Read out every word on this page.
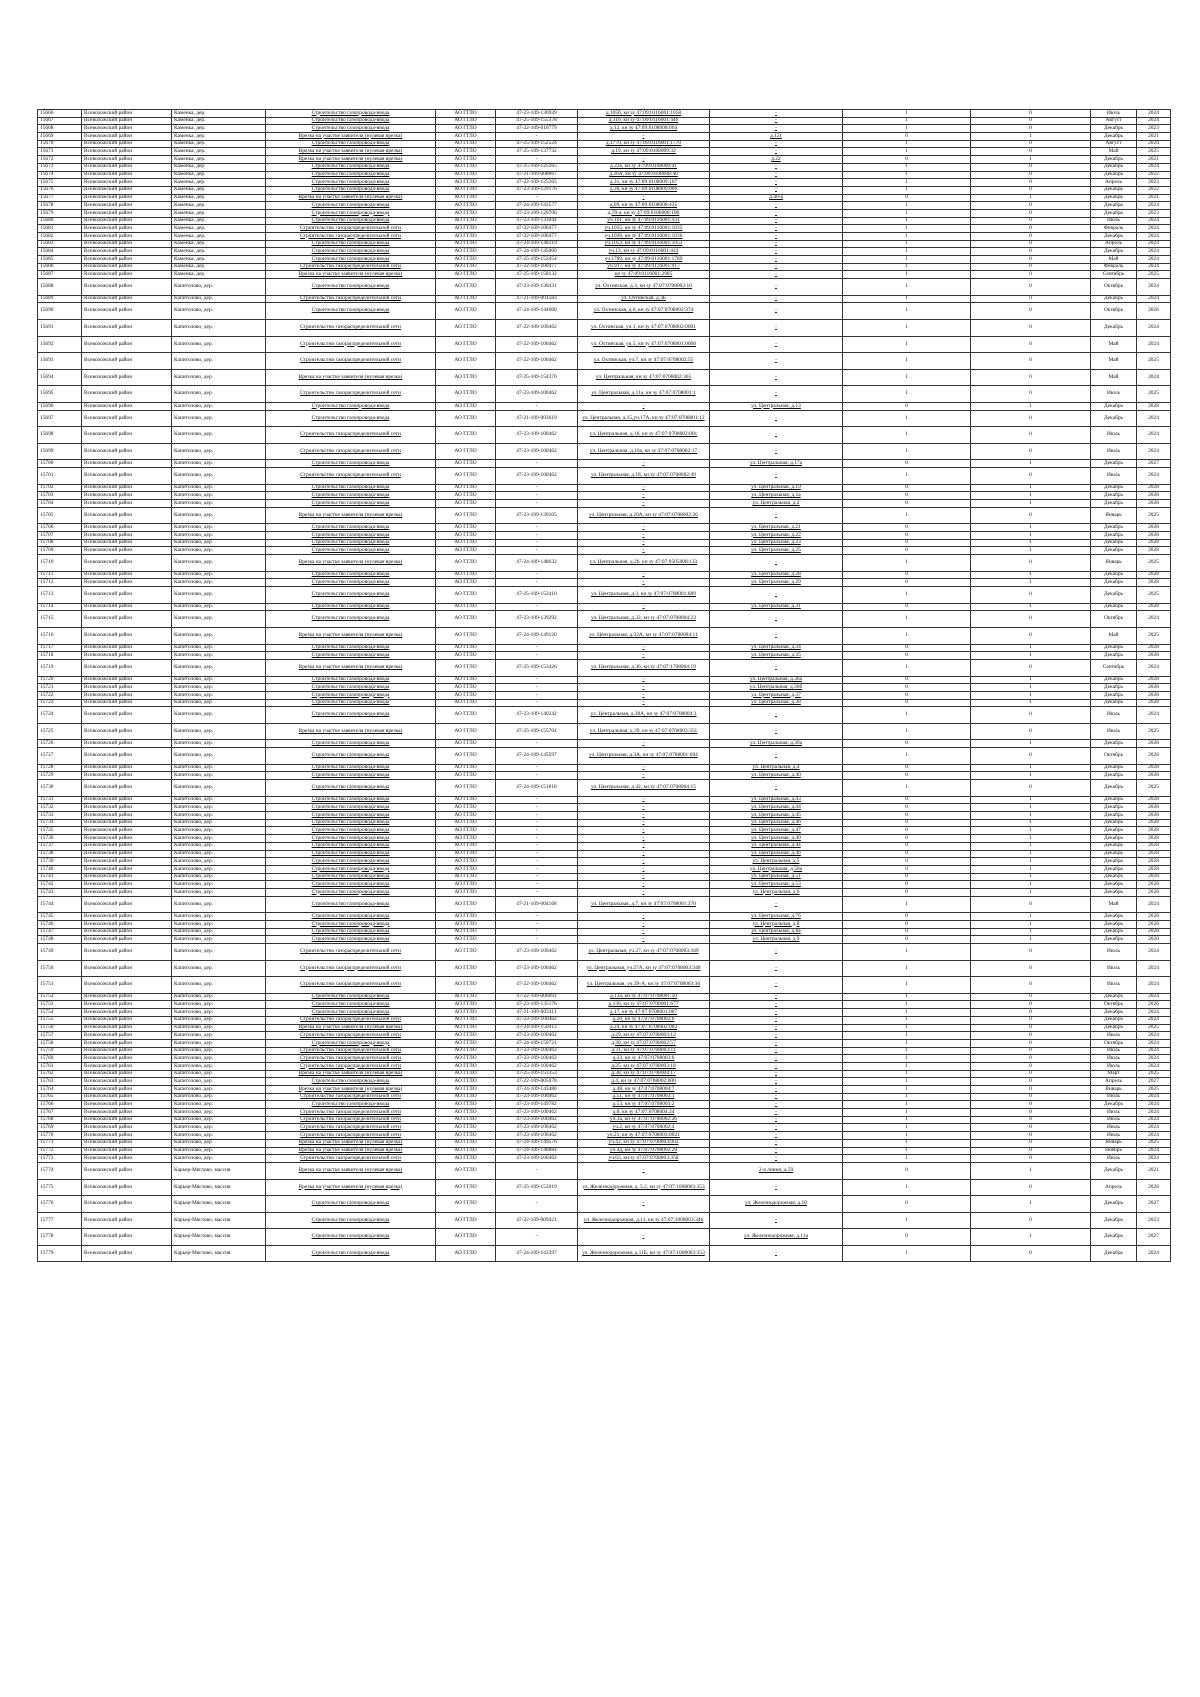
15666	Всеволожский район	Каменка, дер.	Строительство газопровода-ввода	АО ГГЛО	47-23-109-136939	д.105б, кн зу 47:09:0116001:1058	-	1	0	Июль	2024
15667	Всеволожский район	Каменка, дер.	Строительство газопровода-ввода	АО ГГЛО	47-25-109-155378	д.116, кн зу 47:09:0116001:446	-	1	0	Август	2024
15668	Всеволожский район	Каменка, дер.	Строительство газопровода-ввода	АО ГГЛО	47-22-109-010779	д.12, кн зу 47:09:0108008:004	-	1	0	Декабрь	2023
15669	Всеволожский район	Каменка, дер.	Врезка на участке заявителя (нулевая врезка)	АО ГГЛО	-	-	д.12г	0	1	Декабрь	2021
15670	Всеволожский район	Каменка, дер.	Строительство газопровода-ввода	АО ГГЛО	47-25-109-152524	д.1770, кн зу 47:09:0116001:1770	-	1	0	Август	2024
15671	Всеволожский район	Каменка, дер.	Врезка на участке заявителя (нулевая врезка)	АО ГГЛО	47-25-109-137732	д.19, кн зу 47:09:0108009:32	-	1	0	Май	2025
15672	Всеволожский район	Каменка, дер.	Врезка на участке заявителя (нулевая врезка)	АО ГГЛО	-	-	д.22	0	1	Декабрь	2021
15673	Всеволожский район	Каменка, дер.	Строительство газопровода-ввода	АО ГГЛО	47-25-109-125165	д.23а, кн зу 47:09:0108009:41	-	1	0	Декабрь	2024
15674	Всеволожский район	Каменка, дер.	Строительство газопровода-ввода	АО ГГЛО	47-21-109-008667	д.26А, кн зу 47:09:0108008:40	-	1	0	Декабрь	2022
15675	Всеволожский район	Каменка, дер.	Строительство газопровода-ввода	АО ГГЛО	47-22-109-125365	д.31, кн зу 47:09:0108009:107	-	1	0	Апрель	2023
15676	Всеволожский район	Каменка, дер.	Строительство газопровода-ввода	АО ГГЛО	47-23-109-129176	д.36, кн зу 47:09:0108009:006	-	1	0	Декабрь	2022
15677	Всеволожский район	Каменка, дер.	Врезка на участке заявителя (нулевая врезка)	АО ГГЛО	-	-	д.40-а	0	1	Декабрь	2021
15678	Всеволожский район	Каменка, дер.	Строительство газопровода-ввода	АО ГГЛО	47-24-109-143577	д.69, кн зу 47:09:0108008:435	-	1	0	Декабрь	2024
15679	Всеволожский район	Каменка, дер.	Строительство газопровода-ввода	АО ГГЛО	47-23-109-120706	д.70-а, кн зу 47:09:0108008:108	-	1	0	Декабрь	2023
15680	Всеволожский район	Каменка, дер.	Строительство газопровода-ввода	АО ГГЛО	47-23-109-133944	уч.101, кн зу 47:09:0116001:431	-	1	0	Июль	2024
15681	Всеволожский район	Каменка, дер.	Строительство газораспределительной сети	АО ГГЛО	47-22-109-100477	уч.1035, кн зу 47:09:0116001:1035	-	1	0	Февраль	2024
15682	Всеволожский район	Каменка, дер.	Строительство газораспределительной сети	АО ГГЛО	47-22-109-100477	уч.1036, кн зу 47:09:0116001:1036	-	1	0	Декабрь	2024
15683	Всеволожский район	Каменка, дер.	Строительство газопровода-ввода	АО ГГЛО	47-24-109-148319	уч.1053, кн зу 47:09:0116001:1053	-	1	0	Апрель	2024
15684	Всеволожский район	Каменка, дер.	Строительство газопровода-ввода	АО ГГЛО	47-24-109-145000	уч.13, кн зу 47:09:0116001:443	-	1	0	Декабрь	2024
15685	Всеволожский район	Каменка, дер.	Строительство газопровода-ввода	АО ГГЛО	47-25-109-152454	уч.1789, кн зу 47:09:0116001:1789	-	1	0	Май	2024
15686	Всеволожский район	Каменка, дер.	Строительство газораспределительной сети	АО ГГЛО	47-22-109-100477	уч.917, кн зу 47:09:0116001:917	-	1	0	Февраль	2024
15687	Всеволожский район	Каменка, дер.	Врезка на участке заявителя (нулевая врезка)	АО ГГЛО	47-25-109-158132	кн зу 47:09:0116001:2985	-	1	0	Сентябрь	2025
15688	Всеволожский район	Капитолово, дер.	Строительство газопровода-ввода	АО ГГЛО	47-23-109-130431	ул. Охтинская, д.3, кн зу 47:07:0708002:10	-	1	0	Октябрь	2024
15689	Всеволожский район	Капитолово, дер.	Строительство газораспределительной сети	АО ГГЛО	47-21-109-001583	ул. Охтинская, д.3Б	-	1	0	Декабрь	2024
15690	Всеволожский район	Капитолово, дер.	Строительство газопровода-ввода	АО ГГЛО	47-24-109-144000	ул. Охтинская, д.6, кн зу 47:07:0708002:374	-	1	0	Октябрь	2026
15691	Всеволожский район	Капитолово, дер.	Строительство газораспределительной сети	АО ГГЛО	47-22-109-100462	ул. Охтинская, уч.1, кн зу 47:07:0708002:0001	-	1	0	Декабрь	2024
15692	Всеволожский район	Капитолово, дер.	Строительство газораспределительной сети	АО ГГЛО	47-22-109-100462	ул. Охтинская, уч.5, кн зу 47:07:0708001:0008	-	1	0	Май	2024
15693	Всеволожский район	Капитолово, дер.	Строительство газораспределительной сети	АО ГГЛО	47-22-109-100462	ул. Охтинская, уч.7, кн зу 47:07:0708002:55	-	1	0	Май	2025
15694	Всеволожский район	Капитолово, дер.	Врезка на участке заявителя (нулевая врезка)	АО ГГЛО	47-25-109-154370	ул. Центральная, кн зу 47:07:0708002:365	-	1	0	Май	2024
15695	Всеволожский район	Капитолово, дер.	Строительство газораспределительной сети	АО ГГЛО	47-23-109-100462	ул. Центральная, д.11а, кн зу 47:07:0708001:1	-	1	0	Июль	2025
15696	Всеволожский район	Капитолово, дер.	Строительство газопровода-ввода	АО ГГЛО	-	-	ул. Центральная, д.13	0	1	Декабрь	2028
15697	Всеволожский район	Капитолово, дер.	Строительство газопровода-ввода	АО ГГЛО	47-21-109-003619	ул. Центральная, д.15,уч.17А, кн зу 47:07:0708001:12	-	1	0	Декабрь	2024
15698	Всеволожский район	Капитолово, дер.	Строительство газораспределительной сети	АО ГГЛО	47-23-109-100462	ул. Центральная, д.16, кн зу 47:07:0708002:001	-	1	0	Июль	2024
15699	Всеволожский район	Капитолово, дер.	Строительство газораспределительной сети	АО ГГЛО	47-23-109-100462	ул. Центральная, д.16а, кн зу 47:07:0708002:17	-	1	0	Июль	2024
15700	Всеволожский район	Капитолово, дер.	Строительство газопровода-ввода	АО ГГЛО	-	-	ул. Центральная, д.17а	0	1	Декабрь	2027
15701	Всеволожский район	Капитолово, дер.	Строительство газораспределительной сети	АО ГГЛО	47-23-109-100462	ул. Центральная, д.18, кн зу 47:07:0708002:49	-	1	0	Июль	2024
15702	Всеволожский район	Капитолово, дер.	Строительство газопровода-ввода	АО ГГЛО	-	-	ул. Центральная, д.19	0	1	Декабрь	2028
15703	Всеволожский район	Капитолово, дер.	Строительство газопровода-ввода	АО ГГЛО	-	-	ул. Центральная, д.1а	0	1	Декабрь	2028
15704	Всеволожский район	Капитолово, дер.	Строительство газопровода-ввода	АО ГГЛО	-	-	ул. Центральная, д.2	0	1	Декабрь	2028
15705	Всеволожский район	Капитолово, дер.	Врезка на участке заявителя (нулевая врезка)	АО ГГЛО	47-23-109-139105	ул. Центральная, д.20А, кн зу 47:07:0708002:26	-	1	0	Январь	2025
15706	Всеволожский район	Капитолово, дер.	Строительство газопровода-ввода	АО ГГЛО	-	-	ул. Центральная, д.21	0	1	Декабрь	2028
15707	Всеволожский район	Капитолово, дер.	Строительство газопровода-ввода	АО ГГЛО	-	-	ул. Центральная, д.22	0	1	Декабрь	2028
15708	Всеволожский район	Капитолово, дер.	Строительство газопровода-ввода	АО ГГЛО	-	-	ул. Центральная, д.23	0	1	Декабрь	2028
15709	Всеволожский район	Капитолово, дер.	Строительство газопровода-ввода	АО ГГЛО	-	-	ул. Центральная, д.25	0	1	Декабрь	2028
15710	Всеволожский район	Капитолово, дер.	Врезка на участке заявителя (нулевая врезка)	АО ГГЛО	47-24-109-148632	ул. Центральная, д.26, кн зу 47:07:0505008:133	-	1	0	Январь	2025
15711	Всеволожский район	Капитолово, дер.	Строительство газопровода-ввода	АО ГГЛО	-	-	ул. Центральная, д.28	0	1	Декабрь	2028
15712	Всеволожский район	Капитолово, дер.	Строительство газопровода-ввода	АО ГГЛО	-	-	ул. Центральная, д.29	0	1	Декабрь	2028
15713	Всеволожский район	Капитолово, дер.	Строительство газопровода-ввода	АО ГГЛО	47-25-109-152410	ул. Центральная, д.3, кн зу 47:07:0708001:689	-	1	0	Декабрь	2025
15714	Всеволожский район	Капитолово, дер.	Строительство газопровода-ввода	АО ГГЛО	-	-	ул. Центральная, д.31	0	1	Декабрь	2028
15715	Всеволожский район	Капитолово, дер.	Строительство газопровода-ввода	АО ГГЛО	47-23-109-139292	ул. Центральная, д.32, кн зу 47:07:0708004:23	-	1	0	Октябрь	2024
15716	Всеволожский район	Капитолово, дер.	Врезка на участке заявителя (нулевая врезка)	АО ГГЛО	47-24-109-149120	ул. Центральная, д.32А, кн зу 47:07:0708004:11	-	1	0	Май	2025
15717	Всеволожский район	Капитолово, дер.	Строительство газопровода-ввода	АО ГГЛО	-	-	ул. Центральная, д.34	0	1	Декабрь	2028
15718	Всеволожский район	Капитолово, дер.	Строительство газопровода-ввода	АО ГГЛО	-	-	ул. Центральная, д.35	0	1	Декабрь	2028
15719	Всеволожский район	Капитолово, дер.	Врезка на участке заявителя (нулевая врезка)	АО ГГЛО	47-25-109-153426	ул. Центральная, д.36, кн зу 47:07:1708004:19	-	1	0	Сентябрь	2024
15720	Всеволожский район	Капитолово, дер.	Строительство газопровода-ввода	АО ГГЛО	-	-	ул. Центральная, д.36а	0	1	Декабрь	2028
15721	Всеволожский район	Капитолово, дер.	Строительство газопровода-ввода	АО ГГЛО	-	-	ул. Центральная, д.36б	0	1	Декабрь	2028
15722	Всеволожский район	Капитолово, дер.	Строительство газопровода-ввода	АО ГГЛО	-	-	ул. Центральная, д.37	0	1	Декабрь	2028
15723	Всеволожский район	Капитолово, дер.	Строительство газопровода-ввода	АО ГГЛО	-	-	ул. Центральная, д.38	0	1	Декабрь	2028
15724	Всеволожский район	Капитолово, дер.	Строительство газопровода-ввода	АО ГГЛО	47-23-109-140242	ул. Центральная, д.38А, кн зу 47:07:0708004:3	-	1	0	Июль	2024
15725	Всеволожский район	Капитолово, дер.	Врезка на участке заявителя (нулевая врезка)	АО ГГЛО	47-25-109-155704	ул. Центральная, д.39, кн зу 47:07:0708003:351	-	1	0	Июль	2025
15726	Всеволожский район	Капитолово, дер.	Строительство газопровода-ввода	АО ГГЛО	-	-	ул. Центральная, д.39а	0	1	Декабрь	2028
15727	Всеволожский район	Капитолово, дер.	Строительство газопровода-ввода	АО ГГЛО	47-24-109-145597	ул. Центральная, д.3А, кн зу 47:07:0708001:694	-	1	0	Октябрь	2026
15728	Всеволожский район	Капитолово, дер.	Строительство газопровода-ввода	АО ГГЛО	-	-	ул. Центральная, д.4	0	1	Декабрь	2028
15729	Всеволожский район	Капитолово, дер.	Строительство газопровода-ввода	АО ГГЛО	-	-	ул. Центральная, д.40	0	1	Декабрь	2028
15730	Всеволожский район	Капитолово, дер.	Строительство газопровода-ввода	АО ГГЛО	47-24-109-151818	ул. Центральная, д.42, кн зу 47:07:0708004:15	-	1	0	Декабрь	2025
15731	Всеволожский район	Капитолово, дер.	Строительство газопровода-ввода	АО ГГЛО	-	-	ул. Центральная, д.43	0	1	Декабрь	2028
15732	Всеволожский район	Капитолово, дер.	Строительство газопровода-ввода	АО ГГЛО	-	-	ул. Центральная, д.44	0	1	Декабрь	2028
15733	Всеволожский район	Капитолово, дер.	Строительство газопровода-ввода	АО ГГЛО	-	-	ул. Центральная, д.45	0	1	Декабрь	2028
15734	Всеволожский район	Капитолово, дер.	Строительство газопровода-ввода	АО ГГЛО	-	-	ул. Центральная, д.46	0	1	Декабрь	2028
15735	Всеволожский район	Капитолово, дер.	Строительство газопровода-ввода	АО ГГЛО	-	-	ул. Центральная, д.47	0	1	Декабрь	2028
15736	Всеволожский район	Капитолово, дер.	Строительство газопровода-ввода	АО ГГЛО	-	-	ул. Центральная, д.49	0	1	Декабрь	2028
15737	Всеволожский район	Капитолово, дер.	Строительство газопровода-ввода	АО ГГЛО	-	-	ул. Центральная, д.4а	0	1	Декабрь	2028
15738	Всеволожский район	Капитолово, дер.	Строительство газопровода-ввода	АО ГГЛО	-	-	ул. Центральная, д.4б	0	1	Декабрь	2028
15739	Всеволожский район	Капитолово, дер.	Строительство газопровода-ввода	АО ГГЛО	-	-	ул. Центральная, д.5	0	1	Декабрь	2028
15740	Всеволожский район	Капитолово, дер.	Строительство газопровода-ввода	АО ГГЛО	-	-	ул. Центральная, д.50а	0	1	Декабрь	2028
15741	Всеволожский район	Капитолово, дер.	Строительство газопровода-ввода	АО ГГЛО	-	-	ул. Центральная, д.51	0	1	Декабрь	2028
15742	Всеволожский район	Капитолово, дер.	Строительство газопровода-ввода	АО ГГЛО	-	-	ул. Центральная, д.53	0	1	Декабрь	2028
15743	Всеволожский район	Капитолово, дер.	Строительство газопровода-ввода	АО ГГЛО	-	-	ул. Центральная, д.6	0	1	Декабрь	2028
15744	Всеволожский район	Капитолово, дер.	Строительство газопровода-ввода	АО ГГЛО	47-21-109-004168	ул. Центральная, д.7, кн зу 47:07:0708001:370	-	1	0	Май	2024
15745	Всеволожский район	Капитолово, дер.	Строительство газопровода-ввода	АО ГГЛО	-	-	ул. Центральная, д.7б	0	1	Декабрь	2028
15746	Всеволожский район	Капитолово, дер.	Строительство газопровода-ввода	АО ГГЛО	-	-	ул. Центральная, д.8	0	1	Декабрь	2028
15747	Всеволожский район	Капитолово, дер.	Строительство газопровода-ввода	АО ГГЛО	-	-	ул. Центральная, д.8а	0	1	Декабрь	2028
15748	Всеволожский район	Капитолово, дер.	Строительство газопровода-ввода	АО ГГЛО	-	-	ул. Центральная, д.9	0	1	Декабрь	2028
15749	Всеволожский район	Капитолово, дер.	Строительство газораспределительной сети	АО ГГЛО	47-23-109-100462	ул. Центральная, уч.27, кн зу 47:07:0708003:349	-	1	0	Июль	2024
15750	Всеволожский район	Капитолово, дер.	Строительство газораспределительной сети	АО ГГЛО	47-23-109-100462	ул. Центральная, уч.27А, кн зу 47:07:0708003:348	-	1	0	Июль	2024
15751	Всеволожский район	Капитолово, дер.	Строительство газораспределительной сети	АО ГГЛО	47-22-109-100462	ул. Центральная, уч.39-А, кн зу 47:07:0708003:36	-	1	0	Июль	2024
15752	Всеволожский район	Капитолово, дер.	Строительство газопровода-ввода	АО ГГЛО	47-22-109-006691	д.13а, кн зу 47:07:0708001:10	-	1	0	Декабрь	2024
15753	Всеволожский район	Капитолово, дер.	Строительство газопровода-ввода	АО ГГЛО	47-23-109-135176	д.136, кн зу 47:07:0708001:677	-	1	0	Октябрь	2026
15754	Всеволожский район	Капитолово, дер.	Строительство газопровода-ввода	АО ГГЛО	47-21-109-005411	д.17, кн зу 47:07:0708001:007	-	1	0	Декабрь	2024
15755	Всеволожский район	Капитолово, дер.	Строительство газораспределительной сети	АО ГГЛО	47-23-109-100462	д.20, кн зу 47:07:0708002:6	-	1	0	Декабрь	2024
15756	Всеволожский район	Капитолово, дер.	Врезка на участке заявителя (нулевая врезка)	АО ГГЛО	47-24-109-150413	д.24, кн зу 47:07:0708002:002	-	1	0	Декабрь	2025
15757	Всеволожский район	Капитолово, дер.	Строительство газораспределительной сети	АО ГГЛО	47-23-109-100462	д.29, кн зу 47:07:0708003:12	-	1	0	Июль	2024
15758	Всеволожский район	Капитолово, дер.	Строительство газопровода-ввода	АО ГГЛО	47-24-109-150721	д.30, кн зу 47:07:0708002:57	-	1	0	Октябрь	2024
15759	Всеволожский район	Капитолово, дер.	Строительство газораспределительной сети	АО ГГЛО	47-23-109-100462	д.31, кн зу 47:07:0708003:11	-	1	0	Июль	2024
15760	Всеволожский район	Капитолово, дер.	Строительство газораспределительной сети	АО ГГЛО	47-23-109-100462	д.33, кн зу 47:07:0708003:6	-	1	0	Июль	2024
15761	Всеволожский район	Капитолово, дер.	Строительство газораспределительной сети	АО ГГЛО	47-23-109-100462	д.35, кн зу 47:07:0708003:18	-	1	0	Июль	2024
15762	Всеволожский район	Капитолово, дер.	Врезка на участке заявителя (нулевая врезка)	АО ГГЛО	47-25-109-153353	д.38, кн зу 47:07:0708004:17	-	1	0	Март	2025
15763	Всеволожский район	Капитолово, дер.	Строительство газопровода-ввода	АО ГГЛО	47-22-109-005078	д.4, кн зу 47:07:0708002:000	-	1	0	Апрель	2027
15764	Всеволожский район	Капитолово, дер.	Врезка на участке заявителя (нулевая врезка)	АО ГГЛО	47-24-109-143480	д.48, кн зу 47:07:0708004:7	-	1	0	Январь	2025
15765	Всеволожский район	Капитолово, дер.	Строительство газораспределительной сети	АО ГГЛО	47-23-109-100462	д.51, кн зу 47:07:0708003:1	-	1	0	Июль	2024
15766	Всеволожский район	Капитолово, дер.	Строительство газопровода-ввода	АО ГГЛО	47-23-109-149782	д.53, кн зу 47:07:0708003:2	-	1	0	Декабрь	2024
15767	Всеволожский район	Капитолово, дер.	Строительство газораспределительной сети	АО ГГЛО	47-23-109-100462	д.8, кн зу 47:07:0708004:24	-	1	0	Июль	2024
15768	Всеволожский район	Капитолово, дер.	Строительство газораспределительной сети	АО ГГЛО	47-23-109-100462	уч.1а, кн зу 47:07:0708002:26	-	1	0	Июль	2024
15769	Всеволожский район	Капитолово, дер.	Строительство газораспределительной сети	АО ГГЛО	47-23-109-100462	уч.2, кн зу 47:07:0708002:4	-	1	0	Июль	2024
15770	Всеволожский район	Капитолово, дер.	Строительство газораспределительной сети	АО ГГЛО	47-23-109-100462	уч.21, кн зу 47:07:0708003:0021	-	1	0	Июль	2024
15771	Всеволожский район	Капитолово, дер.	Врезка на участке заявителя (нулевая врезка)	АО ГГЛО	47-24-109-149576	уч.43, кн зу 47:07:0708003:002	-	1	0	Январь	2025
15772	Всеволожский район	Капитолово, дер.	Врезка на участке заявителя (нулевая врезка)	АО ГГЛО	47-24-109-148884	уч.4д, кн зу 47:07:0708002:20	-	1	0	Ноябрь	2024
15773	Всеволожский район	Капитолово, дер.	Строительство газораспределительной сети	АО ГГЛО	47-23-109-100462	уч.65, кн зу 47:07:0708003:358	-	1	0	Июль	2024
15774	Всеволожский район	Карьер-Мяглово, массив	Врезка на участке заявителя (нулевая врезка)	АО ГГЛО	-	-	2-я линия, д.59	0	1	Декабрь	2021
15775	Всеволожский район	Карьер-Мяглово, массив	Врезка на участке заявителя (нулевая врезка)	АО ГГЛО	47-25-109-153019	ул. Железнодорожная, д. 5.2, кн зу 47:07:1008003:353	-	1	0	Апрель	2026
15776	Всеволожский район	Карьер-Мяглово, массив	Строительство газопровода-ввода	АО ГГЛО	-	-	ул. Железнодорожная, д.10	0	1	Декабрь	2027
15777	Всеволожский район	Карьер-Мяглово, массив	Строительство газопровода-ввода	АО ГГЛО	47-22-109-009421	ул. Железнодорожная, д.11, кн зу 47:07:1008003:346	-	1	0	Декабрь	2023
15778	Всеволожский район	Карьер-Мяглово, массив	Строительство газопровода-ввода	АО ГГЛО	-	-	ул. Железнодорожная, д.11а	0	1	Декабрь	2027
15779	Всеволожский район	Карьер-Мяглово, массив	Строительство газопровода-ввода	АО ГГЛО	47-24-109-143397	ул. Железнодорожная, д.11Б, кн зу 47:07:1008003:353	-	1	0	Декабрь	2024
